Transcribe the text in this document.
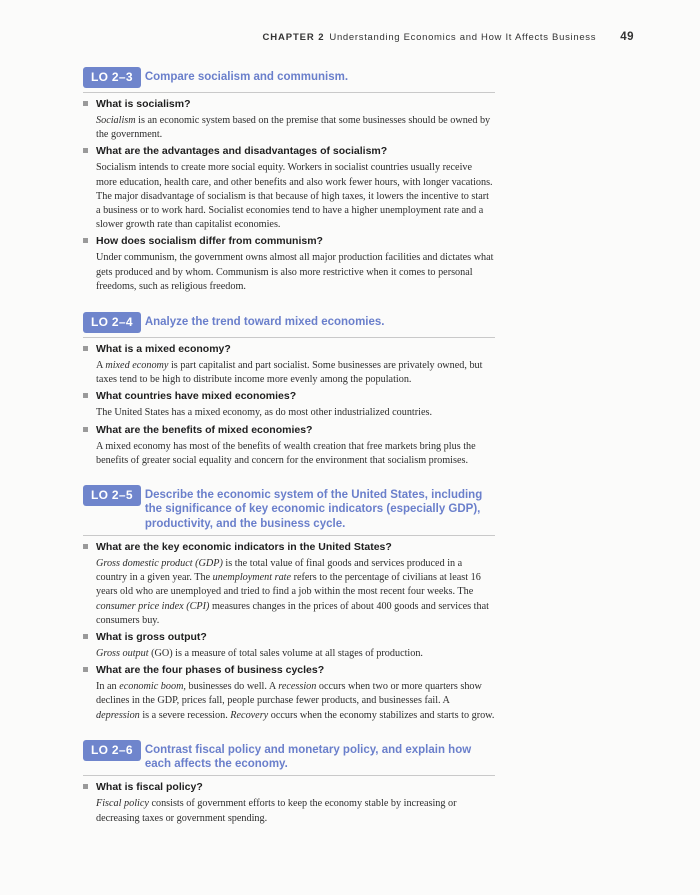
CHAPTER 2 Understanding Economics and How It Affects Business 49
LO 2–3	Compare socialism and communism.
What is socialism?

Socialism is an economic system based on the premise that some businesses should be owned by the government.

What are the advantages and disadvantages of socialism?

Socialism intends to create more social equity. Workers in socialist countries usually receive more education, health care, and other benefits and also work fewer hours, with longer vacations. The major disadvantage of socialism is that because of high taxes, it lowers the incentive to start a business or to work hard. Socialist economies tend to have a higher unemployment rate and a slower growth rate than capitalist economies.

How does socialism differ from communism?

Under communism, the government owns almost all major production facilities and dictates what gets produced and by whom. Communism is also more restrictive when it comes to personal freedoms, such as religious freedom.

LO 2–4	Analyze the trend toward mixed economies.
What is a mixed economy?

A mixed economy is part capitalist and part socialist. Some businesses are privately owned, but taxes tend to be high to distribute income more evenly among the population.

What countries have mixed economies?

The United States has a mixed economy, as do most other industrialized countries.

What are the benefits of mixed economies?

A mixed economy has most of the benefits of wealth creation that free markets bring plus the benefits of greater social equality and concern for the environment that socialism promises.

LO 2–5	Describe the economic system of the United States, including the significance of key economic indicators (especially GDP), productivity, and the business cycle.
What are the key economic indicators in the United States?

Gross domestic product (GDP) is the total value of final goods and services produced in a country in a given year. The unemployment rate refers to the percentage of civilians at least 16 years old who are unemployed and tried to find a job within the most recent four weeks. The consumer price index (CPI) measures changes in the prices of about 400 goods and services that consumers buy.

What is gross output?

Gross output (GO) is a measure of total sales volume at all stages of production.

What are the four phases of business cycles?

In an economic boom, businesses do well. A recession occurs when two or more quarters show declines in the GDP, prices fall, people purchase fewer products, and businesses fail. A depression is a severe recession. Recovery occurs when the economy stabilizes and starts to grow.

LO 2–6	Contrast fiscal policy and monetary policy, and explain how each affects the economy.
What is fiscal policy?

Fiscal policy consists of government efforts to keep the economy stable by increasing or decreasing taxes or government spending.
